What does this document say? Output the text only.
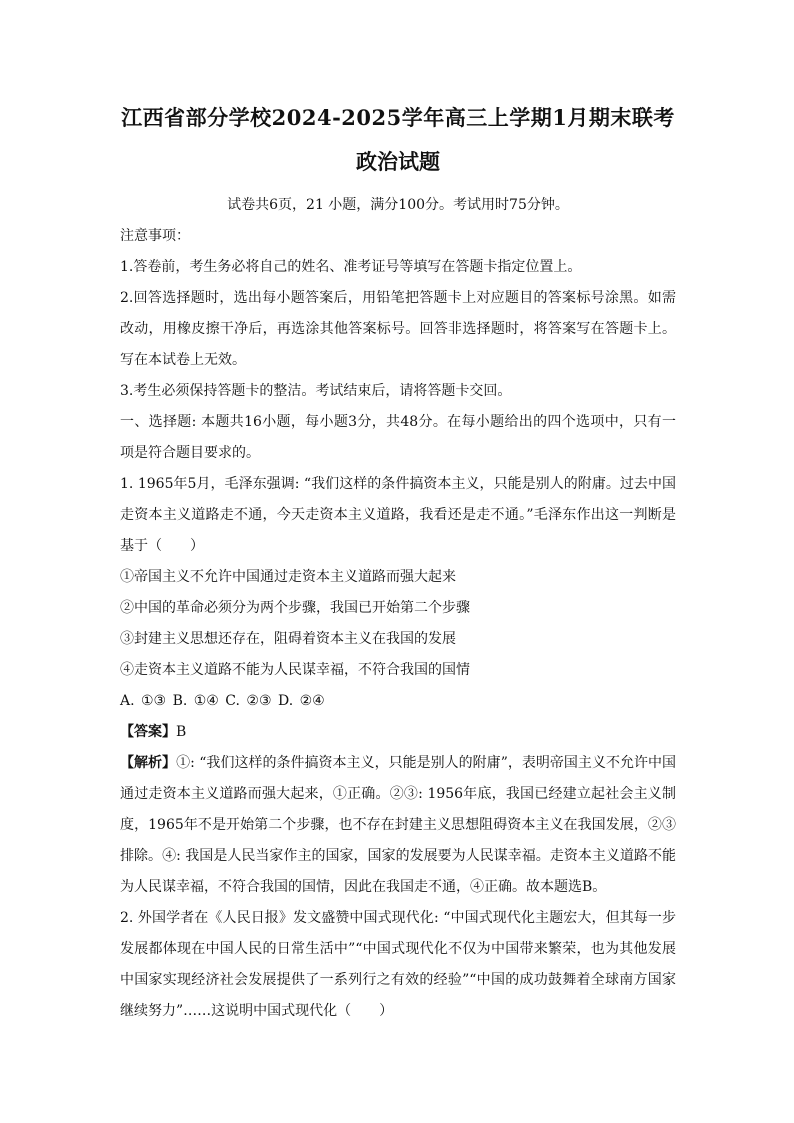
江西省部分学校2024-2025学年高三上学期1月期末联考
政治试题

试卷共6页，21 小题，满分100分。考试用时75分钟。

注意事项：

1.答卷前，考生务必将自己的姓名、准考证号等填写在答题卡指定位置上。

2.回答选择题时，选出每小题答案后，用铅笔把答题卡上对应题目的答案标号涂黑。如需改动，用橡皮擦干净后，再选涂其他答案标号。回答非选择题时，将答案写在答题卡上。写在本试卷上无效。

3.考生必须保持答题卡的整洁。考试结束后，请将答题卡交回。

一、选择题: 本题共16小题，每小题3分，共48分。在每小题给出的四个选项中，只有一项是符合题目要求的。

1. 1965年5月，毛泽东强调: “我们这样的条件搞资本主义，只能是别人的附庸。过去中国走资本主义道路走不通，今天走资本主义道路，我看还是走不通。”毛泽东作出这一判断是基于（　　）

①帝国主义不允许中国通过走资本主义道路而强大起来

②中国的革命必须分为两个步骤，我国已开始第二个步骤

③封建主义思想还存在，阻碍着资本主义在我国的发展

④走资本主义道路不能为人民谋幸福，不符合我国的国情

A. ①③ B. ①④ C. ②③ D. ②④

【答案】B

【解析】①: “我们这样的条件搞资本主义，只能是别人的附庸”，表明帝国主义不允许中国通过走资本主义道路而强大起来，①正确。②③: 1956年底，我国已经建立起社会主义制度，1965年不是开始第二个步骤，也不存在封建主义思想阻碍资本主义在我国发展，②③排除。④: 我国是人民当家作主的国家，国家的发展要为人民谋幸福。走资本主义道路不能为人民谋幸福，不符合我国的国情，因此在我国走不通，④正确。故本题选B。

2. 外国学者在《人民日报》发文盛赞中国式现代化: “中国式现代化主题宏大，但其每一步发展都体现在中国人民的日常生活中”“中国式现代化不仅为中国带来繁荣，也为其他发展中国家实现经济社会发展提供了一系列行之有效的经验”“中国的成功鼓舞着全球南方国家继续努力”……这说明中国式现代化（　　）
